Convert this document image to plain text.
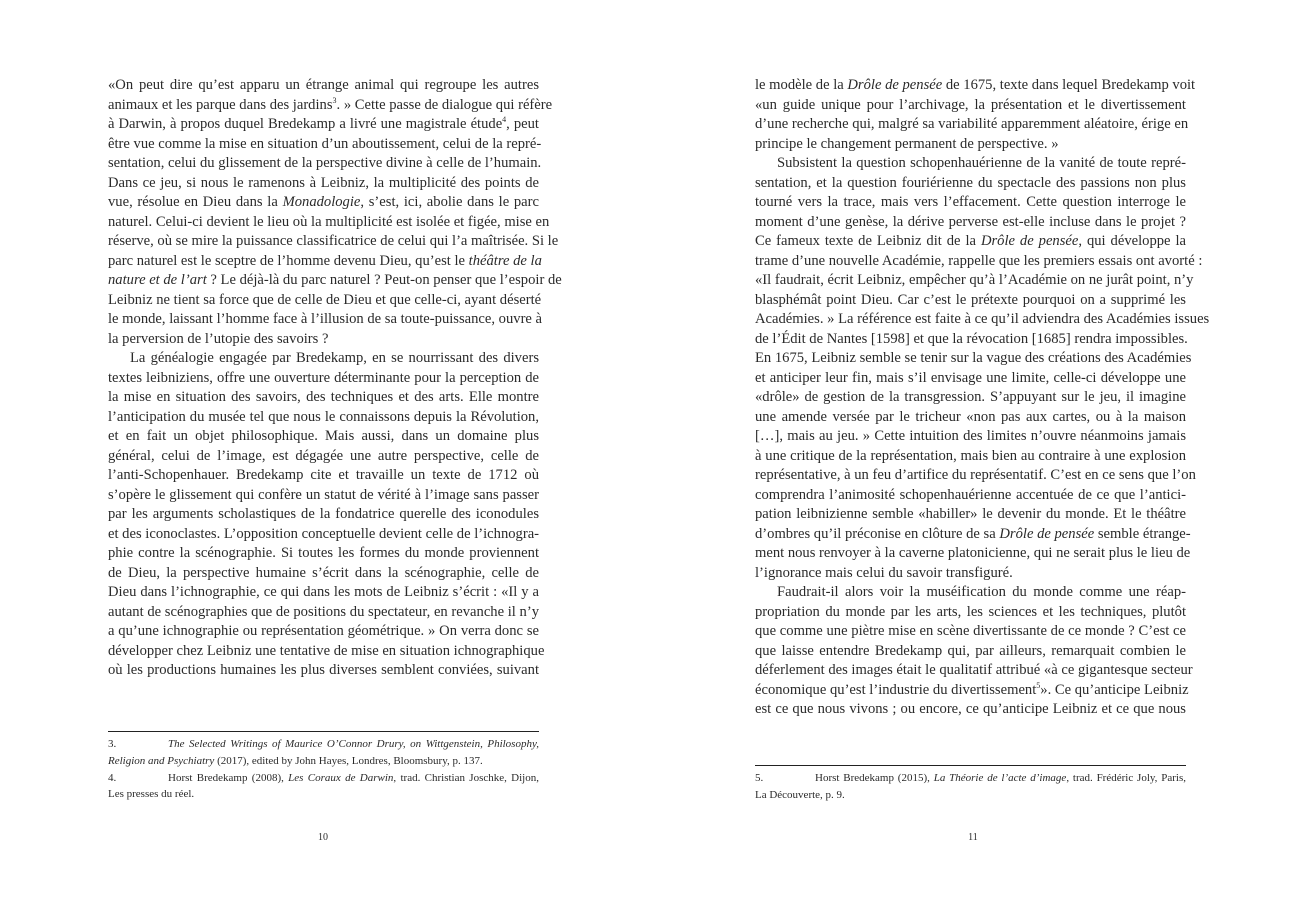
«On peut dire qu’est apparu un étrange animal qui regroupe les autres
animaux et les parque dans des jardins$^3$. » Cette passe de dialogue qui réfère
à Darwin, à propos duquel Bredekamp a livré une magistrale étude$^4$, peut
être vue comme la mise en situation d’un aboutissement, celui de la repré-
sentation, celui du glissement de la perspective divine à celle de l’humain.
Dans ce jeu, si nous le ramenons à Leibniz, la multiplicité des points de
vue, résolue en Dieu dans la Monadologie, s’est, ici, abolie dans le parc
naturel. Celui-ci devient le lieu où la multiplicité est isolée et figée, mise en
réserve, où se mire la puissance classificatrice de celui qui l’a maîtrisée. Si le
parc naturel est le sceptre de l’homme devenu Dieu, qu’est le théâtre de la
nature et de l’art ? Le déjà-là du parc naturel ? Peut-on penser que l’espoir de
Leibniz ne tient sa force que de celle de Dieu et que celle-ci, ayant déserté
le monde, laissant l’homme face à l’illusion de sa toute-puissance, ouvre à
la perversion de l’utopie des savoirs ?
La généalogie engagée par Bredekamp, en se nourrissant des divers
textes leibniziens, offre une ouverture déterminante pour la perception de
la mise en situation des savoirs, des techniques et des arts. Elle montre
l’anticipation du musée tel que nous le connaissons depuis la Révolution,
et en fait un objet philosophique. Mais aussi, dans un domaine plus
général, celui de l’image, est dégagée une autre perspective, celle de
l’anti-Schopenhauer. Bredekamp cite et travaille un texte de 1712 où
s’opère le glissement qui confère un statut de vérité à l’image sans passer
par les arguments scholastiques de la fondatrice querelle des iconodules
et des iconoclastes. L’opposition conceptuelle devient celle de l’ichnogra-
phie contre la scénographie. Si toutes les formes du monde proviennent
de Dieu, la perspective humaine s’écrit dans la scénographie, celle de
Dieu dans l’ichnographie, ce qui dans les mots de Leibniz s’écrit : «Il y a
autant de scénographies que de positions du spectateur, en revanche il n’y
a qu’une ichnographie ou représentation géométrique. » On verra donc se
développer chez Leibniz une tentative de mise en situation ichnographique
où les productions humaines les plus diverses semblent conviées, suivant
3.	The Selected Writings of Maurice O’Connor Drury, on Wittgenstein, Philosophy,
Religion and Psychiatry (2017), edited by John Hayes, Londres, Bloomsbury, p. 137.
4.	Horst Bredekamp (2008), Les Coraux de Darwin, trad. Christian Joschke, Dijon,
Les presses du réel.
10
le modèle de la Drôle de pensée de 1675, texte dans lequel Bredekamp voit
«un guide unique pour l’archivage, la présentation et le divertissement
d’une recherche qui, malgré sa variabilité apparemment aléatoire, érige en
principe le changement permanent de perspective. »
Subsistent la question schopenhauérienne de la vanité de toute repré-
sentation, et la question fouriérienne du spectacle des passions non plus
tourné vers la trace, mais vers l’effacement. Cette question interroge le
moment d’une genèse, la dérive perverse est-elle incluse dans le projet ?
Ce fameux texte de Leibniz dit de la Drôle de pensée, qui développe la
trame d’une nouvelle Académie, rappelle que les premiers essais ont avorté :
«Il faudrait, écrit Leibniz, empêcher qu’à l’Académie on ne jurât point, n’y
blasphémât point Dieu. Car c’est le prétexte pourquoi on a supprimé les
Académies. » La référence est faite à ce qu’il adviendra des Académies issues
de l’Édit de Nantes [1598] et que la révocation [1685] rendra impossibles.
En 1675, Leibniz semble se tenir sur la vague des créations des Académies
et anticiper leur fin, mais s’il envisage une limite, celle-ci développe une
«drôle» de gestion de la transgression. S’appuyant sur le jeu, il imagine
une amende versée par le tricheur «non pas aux cartes, ou à la maison
[…], mais au jeu. » Cette intuition des limites n’ouvre néanmoins jamais
à une critique de la représentation, mais bien au contraire à une explosion
représentative, à un feu d’artifice du représentatif. C’est en ce sens que l’on
comprendra l’animosité schopenhauérienne accentuée de ce que l’antici-
pation leibnizienne semble «habiller» le devenir du monde. Et le théâtre
d’ombres qu’il préconise en clôture de sa Drôle de pensée semble étrange-
ment nous renvoyer à la caverne platonicienne, qui ne serait plus le lieu de
l’ignorance mais celui du savoir transfiguré.
Faudrait-il alors voir la muséification du monde comme une réap-
propriation du monde par les arts, les sciences et les techniques, plutôt
que comme une piètre mise en scène divertissante de ce monde ? C’est ce
que laisse entendre Bredekamp qui, par ailleurs, remarquait combien le
déferlement des images était le qualitatif attribué «à ce gigantesque secteur
économique qu’est l’industrie du divertissement$^5$». Ce qu’anticipe Leibniz
est ce que nous vivons ; ou encore, ce qu’anticipe Leibniz et ce que nous
5.	Horst Bredekamp (2015), La Théorie de l’acte d’image, trad. Frédéric Joly, Paris,
La Découverte, p. 9.
11
